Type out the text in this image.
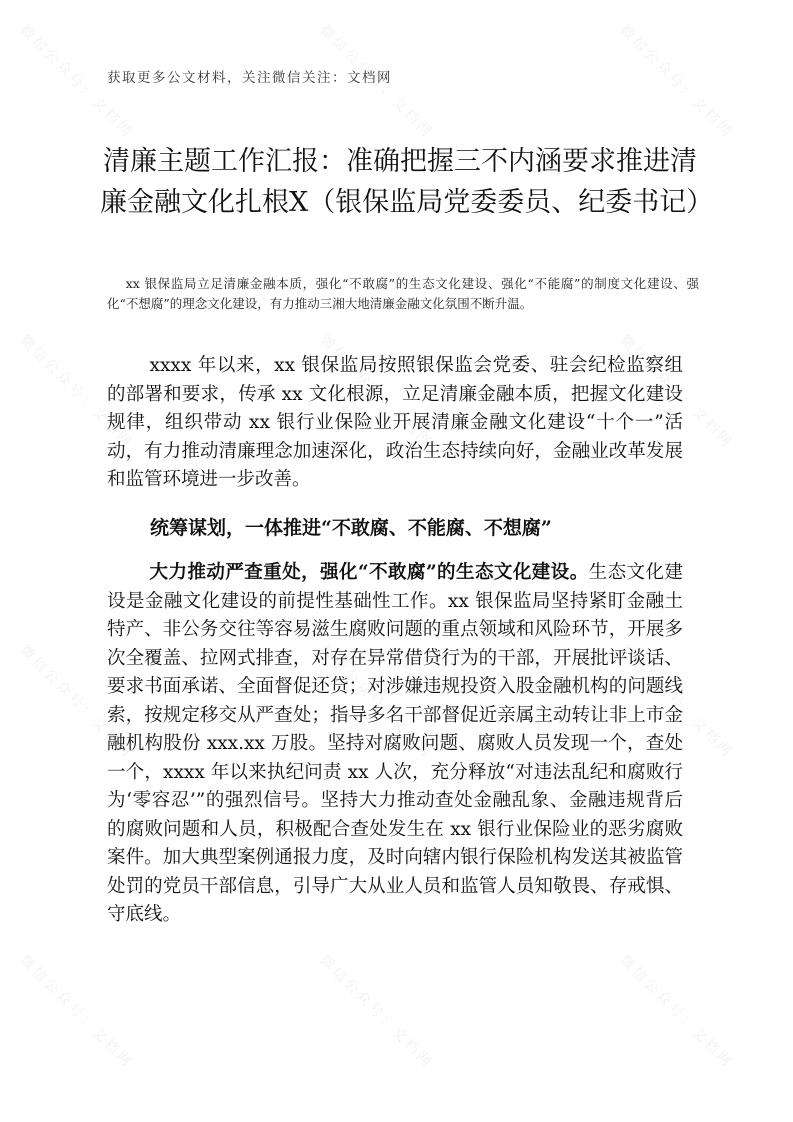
微信公众号：文档网	微信公众号：文档网	微信公众号：文档网
微信公众号：文档网	微信公众号：文档网	微信公众号：文档网
微信公众号：文档网	微信公众号：文档网	微信公众号：文档网
微信公众号：文档网	微信公众号：文档网	微信公众号：文档网
获取更多公文材料，关注微信关注：文档网
清廉主题工作汇报：准确把握三不内涵要求推进清廉金融文化扎根X（银保监局党委委员、纪委书记）

xx 银保监局立足清廉金融本质，强化“不敢腐”的生态文化建设、强化“不能腐”的制度文化建设、强化“不想腐”的理念文化建设，有力推动三湘大地清廉金融文化氛围不断升温。

xxxx 年以来，xx 银保监局按照银保监会党委、驻会纪检监察组的部署和要求，传承 xx 文化根源，立足清廉金融本质，把握文化建设规律，组织带动 xx 银行业保险业开展清廉金融文化建设“十个一”活动，有力推动清廉理念加速深化，政治生态持续向好，金融业改革发展和监管环境进一步改善。

统筹谋划，一体推进“不敢腐、不能腐、不想腐”

大力推动严查重处，强化“不敢腐”的生态文化建设。生态文化建设是金融文化建设的前提性基础性工作。xx 银保监局坚持紧盯金融土特产、非公务交往等容易滋生腐败问题的重点领域和风险环节，开展多次全覆盖、拉网式排查，对存在异常借贷行为的干部，开展批评谈话、要求书面承诺、全面督促还贷；对涉嫌违规投资入股金融机构的问题线索，按规定移交从严查处；指导多名干部督促近亲属主动转让非上市金融机构股份 xxx.xx 万股。坚持对腐败问题、腐败人员发现一个，查处一个，xxxx 年以来执纪问责 xx 人次，充分释放“对违法乱纪和腐败行为‘零容忍’”的强烈信号。坚持大力推动查处金融乱象、金融违规背后的腐败问题和人员，积极配合查处发生在 xx 银行业保险业的恶劣腐败案件。加大典型案例通报力度，及时向辖内银行保险机构发送其被监管处罚的党员干部信息，引导广大从业人员和监管人员知敬畏、存戒惧、守底线。
